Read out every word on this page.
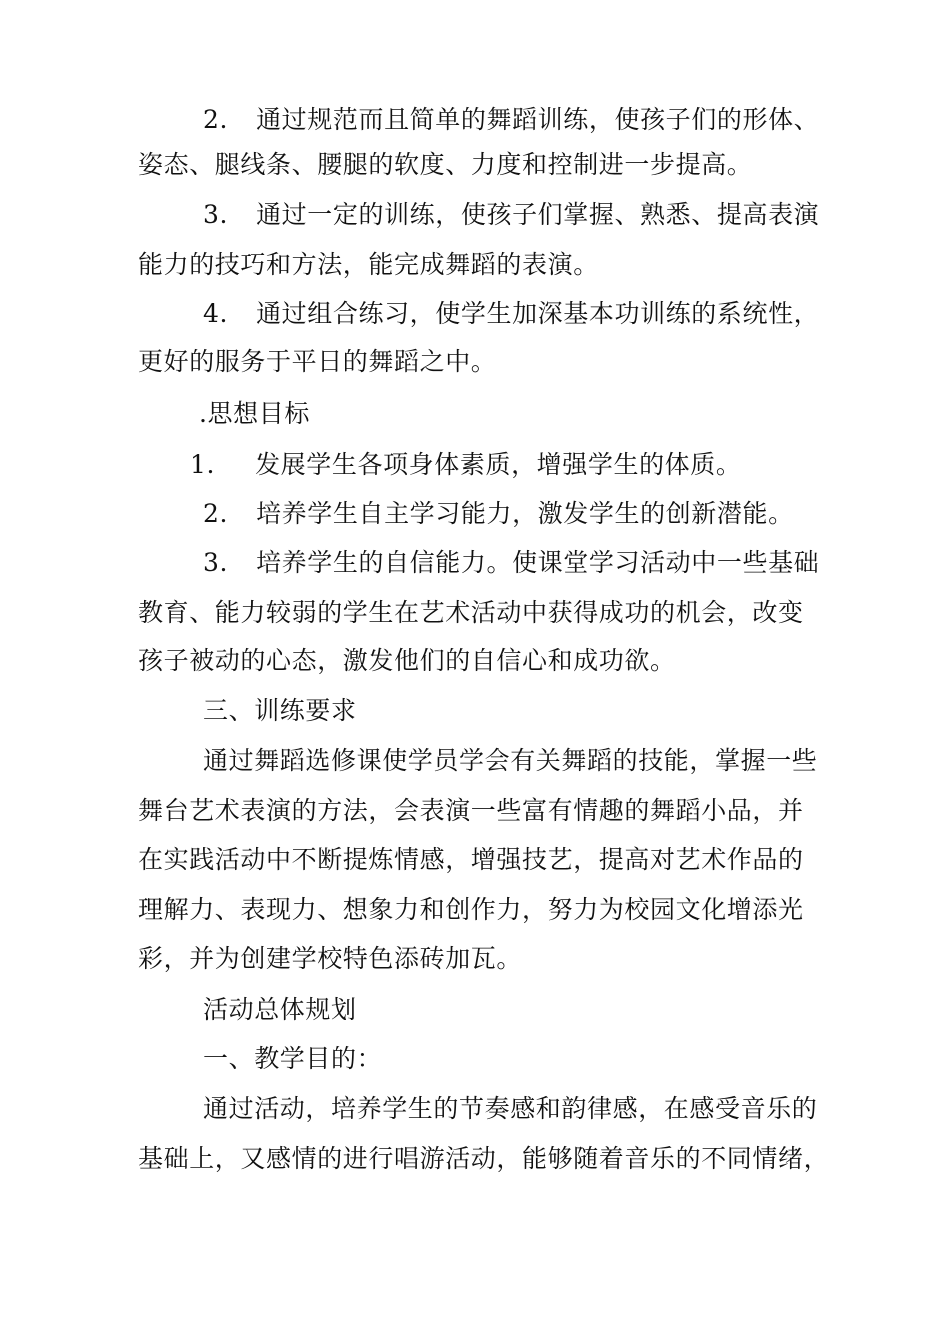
2. 通过规范而且简单的舞蹈训练，使孩子们的形体、
姿态、腿线条、腰腿的软度、力度和控制进一步提高。
3. 通过一定的训练，使孩子们掌握、熟悉、提高表演
能力的技巧和方法，能完成舞蹈的表演。
4. 通过组合练习，使学生加深基本功训练的系统性，
更好的服务于平日的舞蹈之中。
.思想目标
1. 发展学生各项身体素质，增强学生的体质。
2. 培养学生自主学习能力，激发学生的创新潜能。
3. 培养学生的自信能力。使课堂学习活动中一些基础
教育、能力较弱的学生在艺术活动中获得成功的机会，改变
孩子被动的心态，激发他们的自信心和成功欲。
三、训练要求
通过舞蹈选修课使学员学会有关舞蹈的技能，掌握一些
舞台艺术表演的方法，会表演一些富有情趣的舞蹈小品，并
在实践活动中不断提炼情感，增强技艺，提高对艺术作品的
理解力、表现力、想象力和创作力，努力为校园文化增添光
彩，并为创建学校特色添砖加瓦。
活动总体规划
一、教学目的：
通过活动，培养学生的节奏感和韵律感，在感受音乐的
基础上，又感情的进行唱游活动，能够随着音乐的不同情绪，
